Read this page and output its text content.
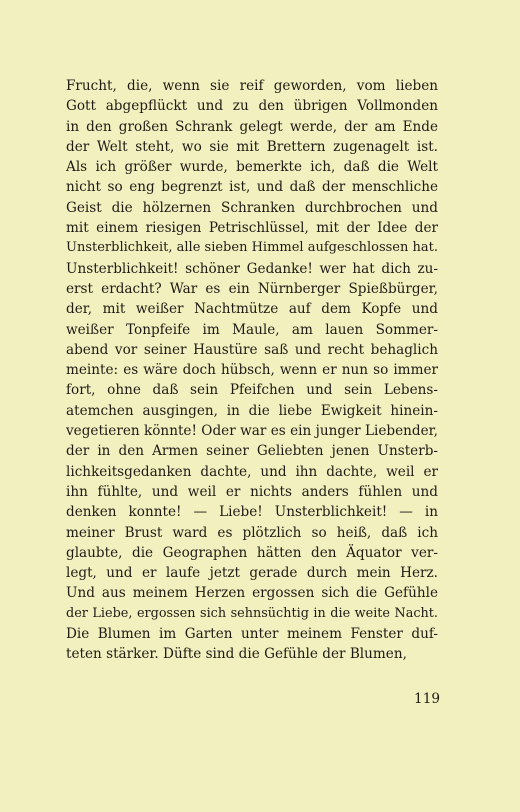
Frucht, die, wenn sie reif geworden, vom lieben
Gott abgepflückt und zu den übrigen Vollmonden
in den großen Schrank gelegt werde, der am Ende
der Welt steht, wo sie mit Brettern zugenagelt ist.
Als ich größer wurde, bemerkte ich, daß die Welt
nicht so eng begrenzt ist, und daß der menschliche
Geist die hölzernen Schranken durchbrochen und
mit einem riesigen Petrischlüssel, mit der Idee der
Unsterblichkeit, alle sieben Himmel aufgeschlossen hat.
Unsterblichkeit! schöner Gedanke! wer hat dich zu-
erst erdacht? War es ein Nürnberger Spießbürger,
der, mit weißer Nachtmütze auf dem Kopfe und
weißer Tonpfeife im Maule, am lauen Sommer-
abend vor seiner Haustüre saß und recht behaglich
meinte: es wäre doch hübsch, wenn er nun so immer
fort, ohne daß sein Pfeifchen und sein Lebens-
atemchen ausgingen, in die liebe Ewigkeit hinein-
vegetieren könnte! Oder war es ein junger Liebender,
der in den Armen seiner Geliebten jenen Unsterb-
lichkeitsgedanken dachte, und ihn dachte, weil er
ihn fühlte, und weil er nichts anders fühlen und
denken konnte! — Liebe! Unsterblichkeit! — in
meiner Brust ward es plötzlich so heiß, daß ich
glaubte, die Geographen hätten den Äquator ver-
legt, und er laufe jetzt gerade durch mein Herz.
Und aus meinem Herzen ergossen sich die Gefühle
der Liebe, ergossen sich sehnsüchtig in die weite Nacht.
Die Blumen im Garten unter meinem Fenster duf-
teten stärker. Düfte sind die Gefühle der Blumen,
119
